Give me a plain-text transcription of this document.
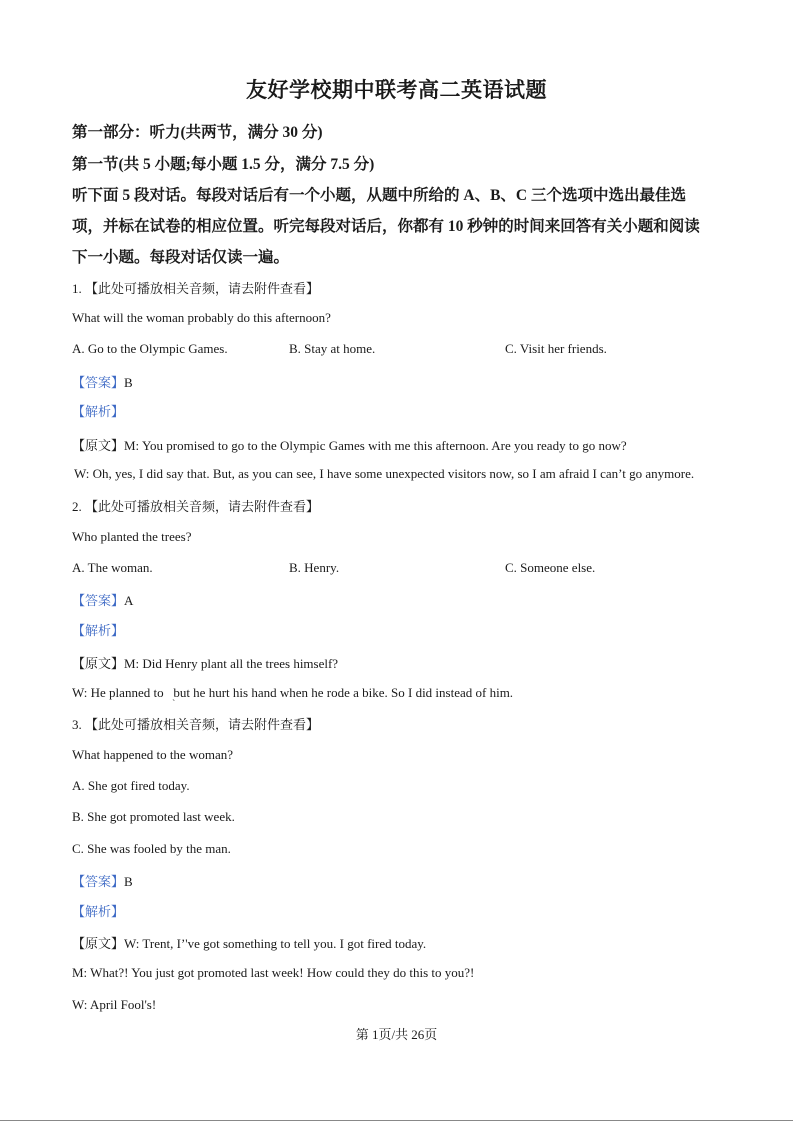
友好学校期中联考高二英语试题
第一部分：听力(共两节，满分 30 分)
第一节(共 5 小题;每小题 1.5 分，满分 7.5 分)
听下面 5 段对话。每段对话后有一个小题，从题中所给的 A、B、C 三个选项中选出最佳选
项，并标在试卷的相应位置。听完每段对话后，你都有 10 秒钟的时间来回答有关小题和阅读
下一小题。每段对话仅读一遍。
1. 【此处可播放相关音频，请去附件查看】
What will the woman probably do this afternoon?
A. Go to the Olympic Games.	B. Stay at home.	C. Visit her friends.
【答案】B
【解析】
【原文】M: You promised to go to the Olympic Games with me this afternoon. Are you ready to go now?
W: Oh, yes, I did say that. But, as you can see, I have some unexpected visitors now, so I am afraid I can’t go anymore.
2. 【此处可播放相关音频，请去附件查看】
Who planted the trees?
A. The woman.	B. Henry.	C. Someone else.
【答案】A
【解析】
【原文】M: Did Henry plant all the trees himself?
W: He planned to   but he hurt his hand when he rode a bike. So I did instead of him.
ˋ
3. 【此处可播放相关音频，请去附件查看】
What happened to the woman?
A. She got fired today.
B. She got promoted last week.
C. She was fooled by the man.
【答案】B
【解析】
【原文】W: Trent, I’'ve got something to tell you. I got fired today.
M: What?! You just got promoted last week! How could they do this to you?!
W: April Fool's!
第 1页/共 26页
